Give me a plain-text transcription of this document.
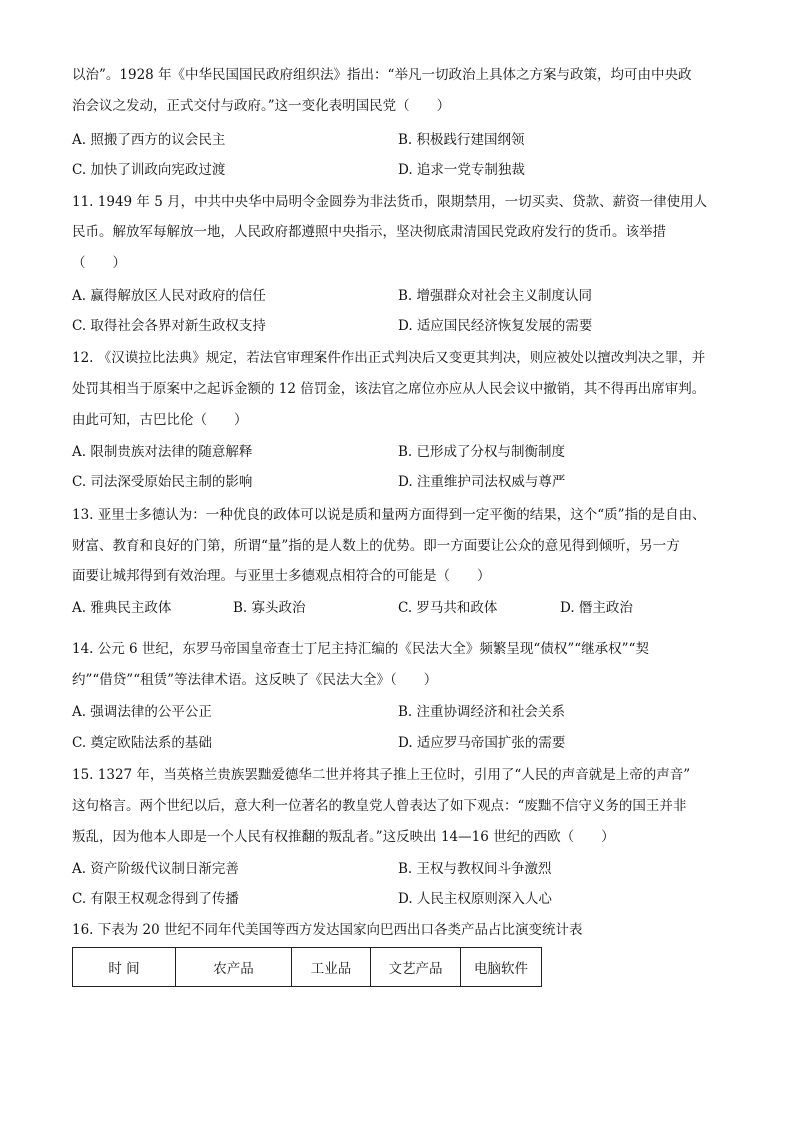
以治”。1928 年《中华民国国民政府组织法》指出：“举凡一切政治上具体之方案与政策，均可由中央政
治会议之发动，正式交付与政府。”这一变化表明国民党（　　）
A. 照搬了西方的议会民主	B. 积极践行建国纲领
C. 加快了训政向宪政过渡	D. 追求一党专制独裁
11. 1949 年 5 月，中共中央华中局明令金圆券为非法货币，限期禁用，一切买卖、贷款、薪资一律使用人
民币。解放军每解放一地，人民政府都遵照中央指示，坚决彻底肃清国民党政府发行的货币。该举措
（　　）
A. 赢得解放区人民对政府的信任	B. 增强群众对社会主义制度认同
C. 取得社会各界对新生政权支持	D. 适应国民经济恢复发展的需要
12. 《汉谟拉比法典》规定，若法官审理案件作出正式判决后又变更其判决，则应被处以擅改判决之罪，并
处罚其相当于原案中之起诉金额的 12 倍罚金，该法官之席位亦应从人民会议中撤销，其不得再出席审判。
由此可知，古巴比伦（　　）
A. 限制贵族对法律的随意解释	B. 已形成了分权与制衡制度
C. 司法深受原始民主制的影响	D. 注重维护司法权威与尊严
13. 亚里士多德认为：一种优良的政体可以说是质和量两方面得到一定平衡的结果，这个“质”指的是自由、
财富、教育和良好的门第，所谓“量”指的是人数上的优势。即一方面要让公众的意见得到倾听，另一方
面要让城邦得到有效治理。与亚里士多德观点相符合的可能是（　　）
A. 雅典民主政体	B. 寡头政治	C. 罗马共和政体	D. 僭主政治
14. 公元 6 世纪，东罗马帝国皇帝查士丁尼主持汇编的《民法大全》频繁呈现“债权”“继承权”“契
约”“借贷”“租赁”等法律术语。这反映了《民法大全》（　　）
A. 强调法律的公平公正	B. 注重协调经济和社会关系
C. 奠定欧陆法系的基础	D. 适应罗马帝国扩张的需要
15. 1327 年，当英格兰贵族罢黜爱德华二世并将其子推上王位时，引用了“人民的声音就是上帝的声音”
这句格言。两个世纪以后，意大利一位著名的教皇党人曾表达了如下观点：“废黜不信守义务的国王并非
叛乱，因为他本人即是一个人民有权推翻的叛乱者。”这反映出 14—16 世纪的西欧（　　）
A. 资产阶级代议制日渐完善	B. 王权与教权间斗争激烈
C. 有限王权观念得到了传播	D. 人民主权原则深入人心
16. 下表为 20 世纪不同年代美国等西方发达国家向巴西出口各类产品占比演变统计表
时 间	农产品	工业品	文艺产品	电脑软件
